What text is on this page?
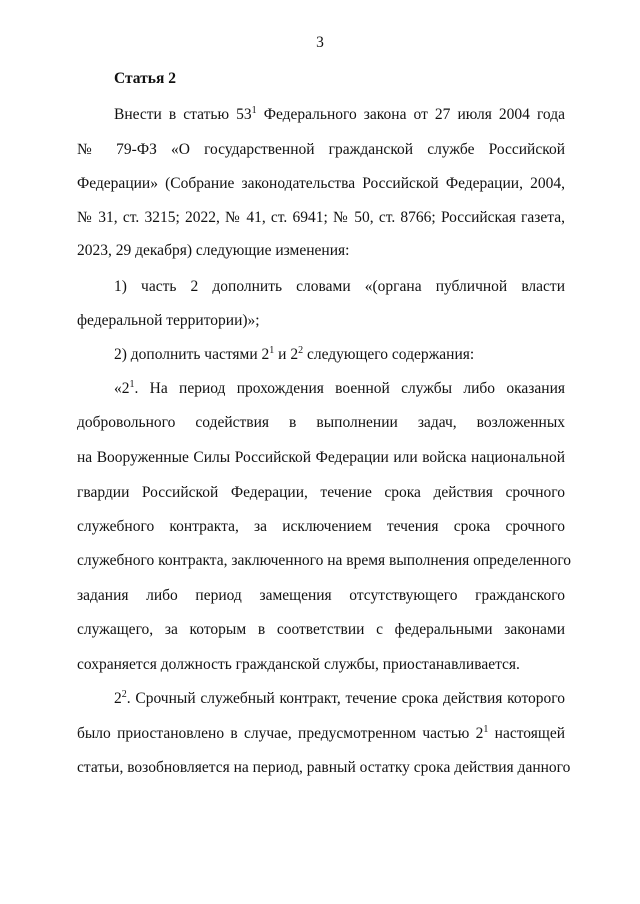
3
Статья 2
Внести в статью $53^1$ Федерального закона от 27 июля 2004 года
№ 79-ФЗ «О государственной гражданской службе Российской
Федерации» (Собрание законодательства Российской Федерации, 2004,
№ 31, ст. 3215; 2022, № 41, ст. 6941; № 50, ст. 8766; Российская газета,
2023, 29 декабря) следующие изменения:
1) часть 2 дополнить словами «(органа публичной власти
федеральной территории)»;
2) дополнить частями $2^1$ и $2^2$ следующего содержания:
«$2^1$. На период прохождения военной службы либо оказания
добровольного содействия в выполнении задач, возложенных
на Вооруженные Силы Российской Федерации или войска национальной
гвардии Российской Федерации, течение срока действия срочного
служебного контракта, за исключением течения срока срочного
служебного контракта, заключенного на время выполнения определенного
задания либо период замещения отсутствующего гражданского
служащего, за которым в соответствии с федеральными законами
сохраняется должность гражданской службы, приостанавливается.
$2^2$. Срочный служебный контракт, течение срока действия которого
было приостановлено в случае, предусмотренном частью $2^1$ настоящей
статьи, возобновляется на период, равный остатку срока действия данного
